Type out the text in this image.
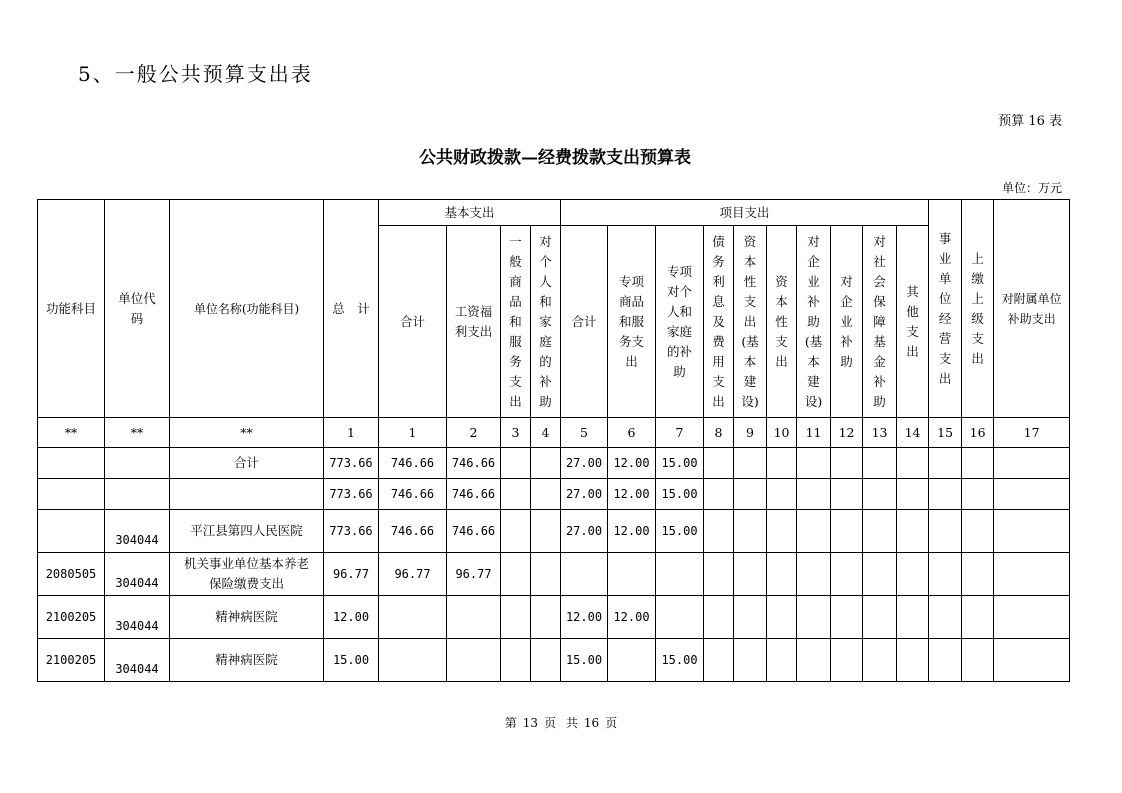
5、一般公共预算支出表
预算 16 表
公共财政拨款—经费拨款支出预算表
单位：万元
功能科目	单位代码	单位名称(功能科目)	总　计	基本支出				项目支出										事业单位经营支出	上缴上级支出	对附属单位补助支出
				合计	工资福利支出	一般商品和服务支出	对个人和家庭的补助	合计	专项商品和服务支出	专项对个人和家庭的补助	债务利息及费用支出	资本性支出(基本建设)	资本性支出	对企业补助(基本建设)	对企业补助	对社会保障基金补助	其他支出			
**	**	**	1	1	2	3	4	5	6	7	8	9	10	11	12	13	14	15	16	17
		合计	773.66	746.66	746.66			27.00	12.00	15.00										
			773.66	746.66	746.66			27.00	12.00	15.00										
	304044	平江县第四人民医院	773.66	746.66	746.66			27.00	12.00	15.00										
2080505	304044	机关事业单位基本养老保险缴费支出	96.77	96.77	96.77															
2100205	304044	精神病医院	12.00					12.00	12.00											
2100205	304044	精神病医院	15.00					15.00		15.00										
第 13 页 共 16 页
